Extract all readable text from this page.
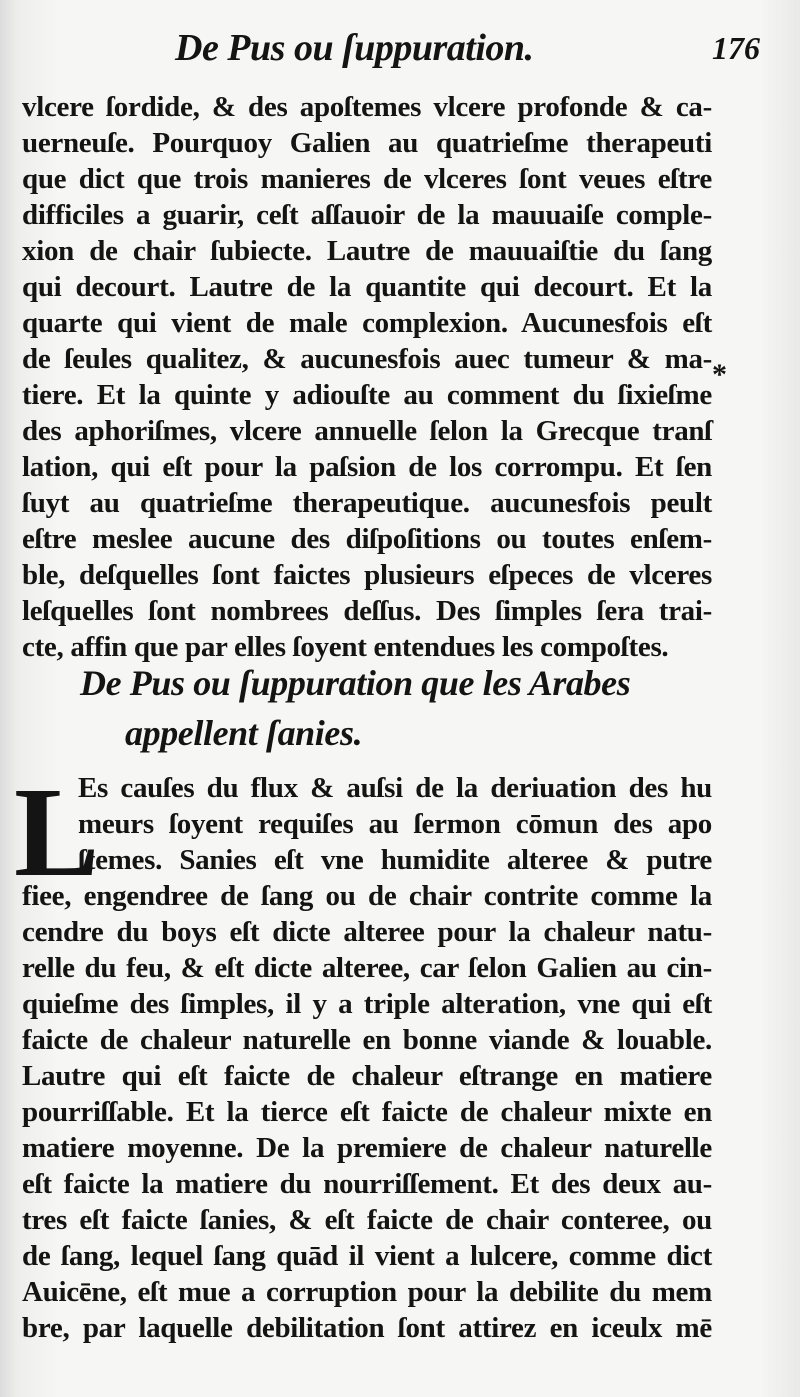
De Pus ou ſuppuration.	176
*
vlcere ſordide, & des apoſtemes vlcere profonde & ca-
uerneuſe. Pourquoy Galien au quatrieſme therapeuti
que dict que trois manieres de vlceres ſont veues eſtre
difficiles a guarir, ceſt aſſauoir de la mauuaiſe comple-
xion de chair ſubiecte. Lautre de mauuaiſtie du ſang
qui decourt. Lautre de la quantite qui decourt. Et la
quarte qui vient de male complexion. Aucunesfois eſt
de ſeules qualitez, & aucunesfois auec tumeur & ma-
tiere. Et la quinte y adiouſte au comment du ſixieſme
des aphoriſmes, vlcere annuelle ſelon la Grecque tranſ
lation, qui eſt pour la paſsion de los corrompu. Et ſen
ſuyt au quatrieſme therapeutique. aucunesfois peult
eſtre meslee aucune des diſpoſitions ou toutes enſem-
ble, deſquelles ſont faictes plusieurs eſpeces de vlceres
leſquelles ſont nombrees deſſus. Des ſimples ſera trai-
cte, affin que par elles ſoyent entendues les compoſtes.
De Pus ou ſuppuration que les Arabes
appellent ſanies.
L
Es cauſes du flux & auſsi de la deriuation des hu
meurs ſoyent requiſes au ſermon cōmun des apo
ſtemes. Sanies eſt vne humidite alteree & putre
fiee, engendree de ſang ou de chair contrite comme la
cendre du boys eſt dicte alteree pour la chaleur natu-
relle du feu, & eſt dicte alteree, car ſelon Galien au cin-
quieſme des ſimples, il y a triple alteration, vne qui eſt
faicte de chaleur naturelle en bonne viande & louable.
Lautre qui eſt faicte de chaleur eſtrange en matiere
pourriſſable. Et la tierce eſt faicte de chaleur mixte en
matiere moyenne. De la premiere de chaleur naturelle
eſt faicte la matiere du nourriſſement. Et des deux au-
tres eſt faicte ſanies, & eſt faicte de chair conteree, ou
de ſang, lequel ſang quād il vient a lulcere, comme dict
Auicēne, eſt mue a corruption pour la debilite du mem
bre, par laquelle debilitation ſont attirez en iceulx mē
